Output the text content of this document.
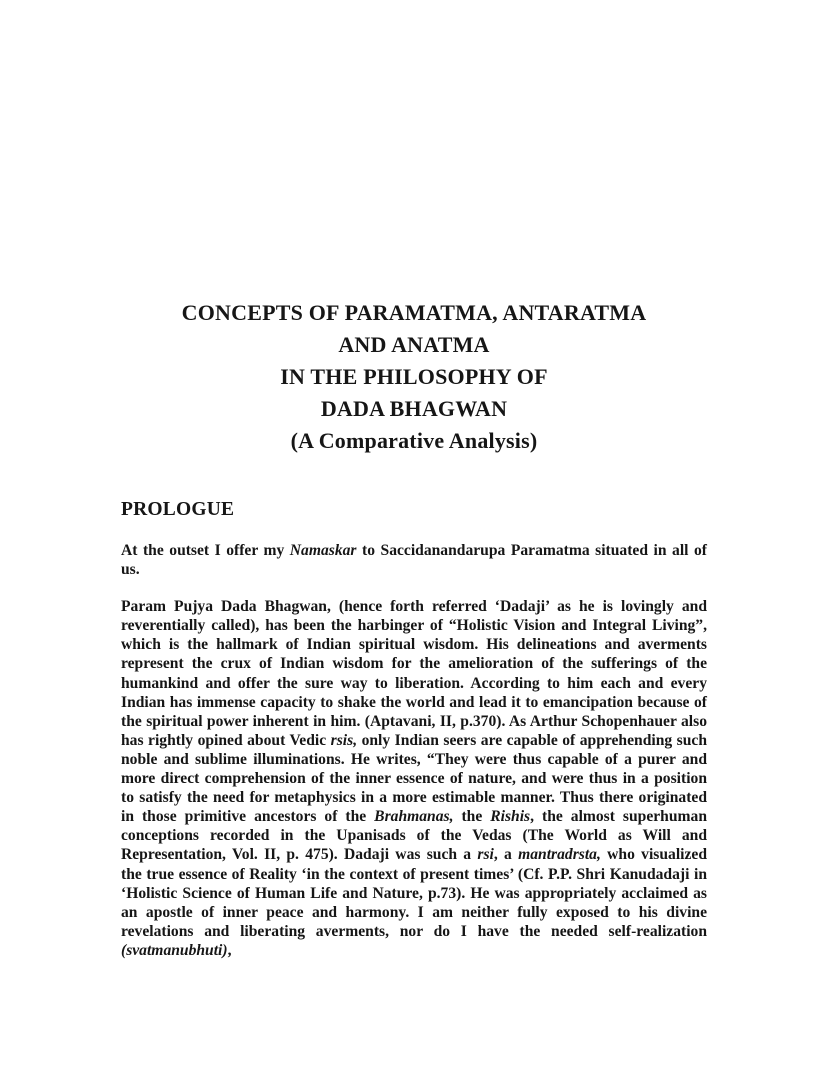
CONCEPTS OF PARAMATMA, ANTARATMA
AND ANATMA
IN THE PHILOSOPHY OF
DADA BHAGWAN
(A Comparative Analysis)
PROLOGUE

At the outset I offer my Namaskar to Saccidanandarupa Paramatma situated in all of us.

Param Pujya Dada Bhagwan, (hence forth referred ‘Dadaji’ as he is lovingly and reverentially called), has been the harbinger of “Holistic Vision and Integral Living”, which is the hallmark of Indian spiritual wisdom. His delineations and averments represent the crux of Indian wisdom for the amelioration of the sufferings of the humankind and offer the sure way to liberation. According to him each and every Indian has immense capacity to shake the world and lead it to emancipation because of the spiritual power inherent in him. (Aptavani, II, p.370). As Arthur Schopenhauer also has rightly opined about Vedic rsis, only Indian seers are capable of apprehending such noble and sublime illuminations. He writes, “They were thus capable of a purer and more direct comprehension of the inner essence of nature, and were thus in a position to satisfy the need for metaphysics in a more estimable manner. Thus there originated in those primitive ancestors of the Brahmanas, the Rishis, the almost superhuman conceptions recorded in the Upanisads of the Vedas (The World as Will and Representation, Vol. II, p. 475). Dadaji was such a rsi, a mantradrsta, who visualized the true essence of Reality ‘in the context of present times’ (Cf. P.P. Shri Kanudadaji in ‘Holistic Science of Human Life and Nature, p.73). He was appropriately acclaimed as an apostle of inner peace and harmony. I am neither fully exposed to his divine revelations and liberating averments, nor do I have the needed self-realization (svatmanubhuti),
